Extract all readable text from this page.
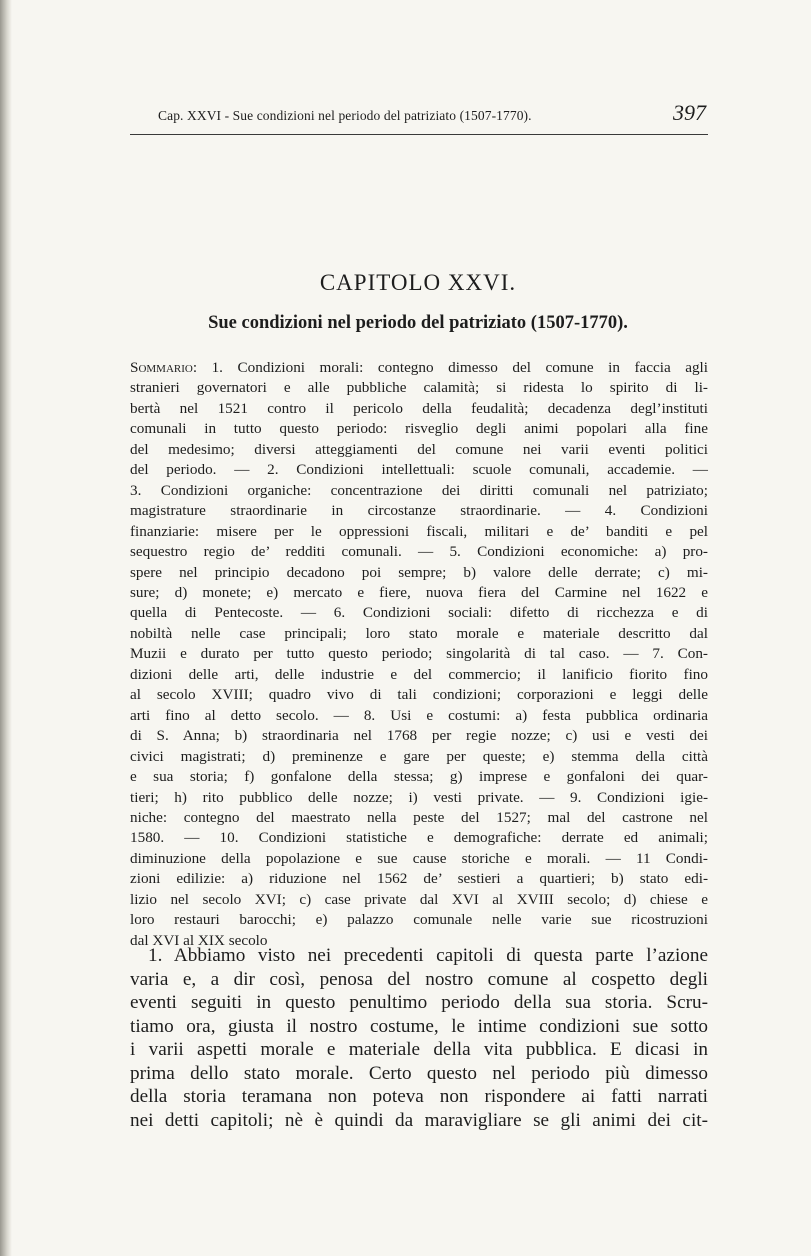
Cap. XXVI - Sue condizioni nel periodo del patriziato (1507-1770).	397
CAPITOLO XXVI.
Sue condizioni nel periodo del patriziato (1507-1770).
Sommario: 1. Condizioni morali: contegno dimesso del comune in faccia agli
stranieri governatori e alle pubbliche calamità; si ridesta lo spirito di li-
bertà nel 1521 contro il pericolo della feudalità; decadenza degl’instituti
comunali in tutto questo periodo: risveglio degli animi popolari alla fine
del medesimo; diversi atteggiamenti del comune nei varii eventi politici
del periodo. — 2. Condizioni intellettuali: scuole comunali, accademie. —
3. Condizioni organiche: concentrazione dei diritti comunali nel patriziato;
magistrature straordinarie in circostanze straordinarie. — 4. Condizioni
finanziarie: misere per le oppressioni fiscali, militari e de’ banditi e pel
sequestro regio de’ redditi comunali. — 5. Condizioni economiche: a) pro-
spere nel principio decadono poi sempre; b) valore delle derrate; c) mi-
sure; d) monete; e) mercato e fiere, nuova fiera del Carmine nel 1622 e
quella di Pentecoste. — 6. Condizioni sociali: difetto di ricchezza e di
nobiltà nelle case principali; loro stato morale e materiale descritto dal
Muzii e durato per tutto questo periodo; singolarità di tal caso. — 7. Con-
dizioni delle arti, delle industrie e del commercio; il lanificio fiorito fino
al secolo XVIII; quadro vivo di tali condizioni; corporazioni e leggi delle
arti fino al detto secolo. — 8. Usi e costumi: a) festa pubblica ordinaria
di S. Anna; b) straordinaria nel 1768 per regie nozze; c) usi e vesti dei
civici magistrati; d) preminenze e gare per queste; e) stemma della città
e sua storia; f) gonfalone della stessa; g) imprese e gonfaloni dei quar-
tieri; h) rito pubblico delle nozze; i) vesti private. — 9. Condizioni igie-
niche: contegno del maestrato nella peste del 1527; mal del castrone nel
1580. — 10. Condizioni statistiche e demografiche: derrate ed animali;
diminuzione della popolazione e sue cause storiche e morali. — 11 Condi-
zioni edilizie: a) riduzione nel 1562 de’ sestieri a quartieri; b) stato edi-
lizio nel secolo XVI; c) case private dal XVI al XVIII secolo; d) chiese e
loro restauri barocchi; e) palazzo comunale nelle varie sue ricostruzioni
dal XVI al XIX secolo
1. Abbiamo visto nei precedenti capitoli di questa parte l’azione
varia e, a dir così, penosa del nostro comune al cospetto degli
eventi seguiti in questo penultimo periodo della sua storia. Scru-
tiamo ora, giusta il nostro costume, le intime condizioni sue sotto
i varii aspetti morale e materiale della vita pubblica. E dicasi in
prima dello stato morale. Certo questo nel periodo più dimesso
della storia teramana non poteva non rispondere ai fatti narrati
nei detti capitoli; nè è quindi da maravigliare se gli animi dei cit-
